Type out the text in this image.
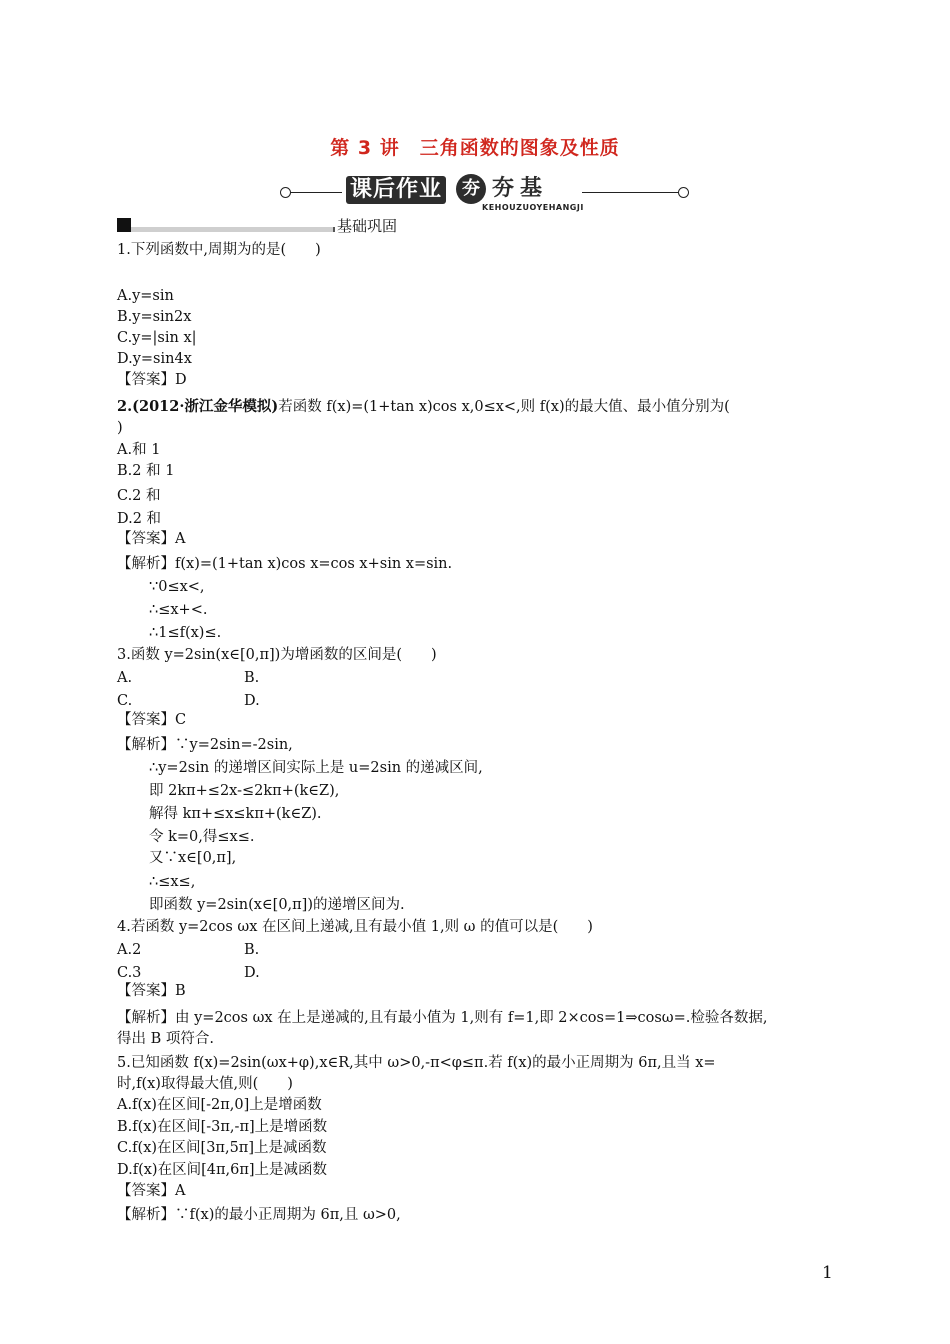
第 3 讲　三角函数的图象及性质
课后作业	夯 夯基
KEHOUZUOYEHANGJI
基础巩固
1.下列函数中,周期为的是(　　)
A.y=sin
B.y=sin2x
C.y=|sin x|
D.y=sin4x
【答案】D
2.(2012·浙江金华模拟)若函数 f(x)=(1+tan x)cos x,0≤x<,则 f(x)的最大值、最小值分别为(
)
A.和 1
B.2 和 1
C.2 和
D.2 和
【答案】A
【解析】f(x)=(1+tan x)cos x=cos x+sin x=sin.
∵0≤x<,
∴≤x+<.
∴1≤f(x)≤.
3.函数 y=2sin(x∈[0,π])为增函数的区间是(　　)
A.	B.
C.	D.
【答案】C
【解析】∵y=2sin=-2sin,
∴y=2sin 的递增区间实际上是 u=2sin 的递减区间,
即 2kπ+≤2x-≤2kπ+(k∈Z),
解得 kπ+≤x≤kπ+(k∈Z).
令 k=0,得≤x≤.
又∵x∈[0,π],
∴≤x≤,
即函数 y=2sin(x∈[0,π])的递增区间为.
4.若函数 y=2cos ωx 在区间上递减,且有最小值 1,则 ω 的值可以是(　　)
A.2	B.
C.3	D.
【答案】B
【解析】由 y=2cos ωx 在上是递减的,且有最小值为 1,则有 f=1,即 2×cos=1⇒cosω=.检验各数据,
得出 B 项符合.
5.已知函数 f(x)=2sin(ωx+φ),x∈R,其中 ω>0,-π<φ≤π.若 f(x)的最小正周期为 6π,且当 x=
时,f(x)取得最大值,则(　　)
A.f(x)在区间[-2π,0]上是增函数
B.f(x)在区间[-3π,-π]上是增函数
C.f(x)在区间[3π,5π]上是减函数
D.f(x)在区间[4π,6π]上是减函数
【答案】A
【解析】∵f(x)的最小正周期为 6π,且 ω>0,
1
